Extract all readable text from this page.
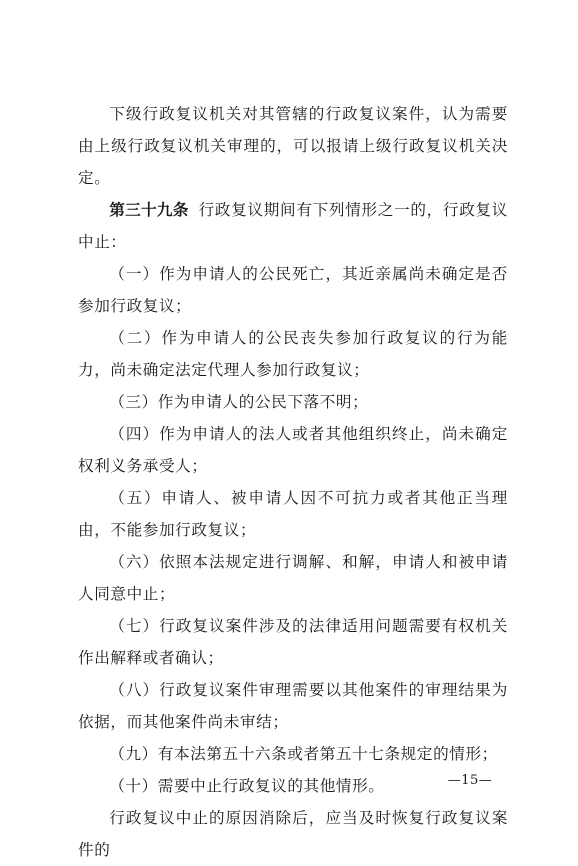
下级行政复议机关对其管辖的行政复议案件，认为需要由上级行政复议机关审理的，可以报请上级行政复议机关决定。

第三十九条 行政复议期间有下列情形之一的，行政复议中止：

（一）作为申请人的公民死亡，其近亲属尚未确定是否参加行政复议；

（二）作为申请人的公民丧失参加行政复议的行为能力，尚未确定法定代理人参加行政复议；

（三）作为申请人的公民下落不明；

（四）作为申请人的法人或者其他组织终止，尚未确定权利义务承受人；

（五）申请人、被申请人因不可抗力或者其他正当理由，不能参加行政复议；

（六）依照本法规定进行调解、和解，申请人和被申请人同意中止；

（七）行政复议案件涉及的法律适用问题需要有权机关作出解释或者确认；

（八）行政复议案件审理需要以其他案件的审理结果为依据，而其他案件尚未审结；

（九）有本法第五十六条或者第五十七条规定的情形；

（十）需要中止行政复议的其他情形。

行政复议中止的原因消除后，应当及时恢复行政复议案件的

—15—
